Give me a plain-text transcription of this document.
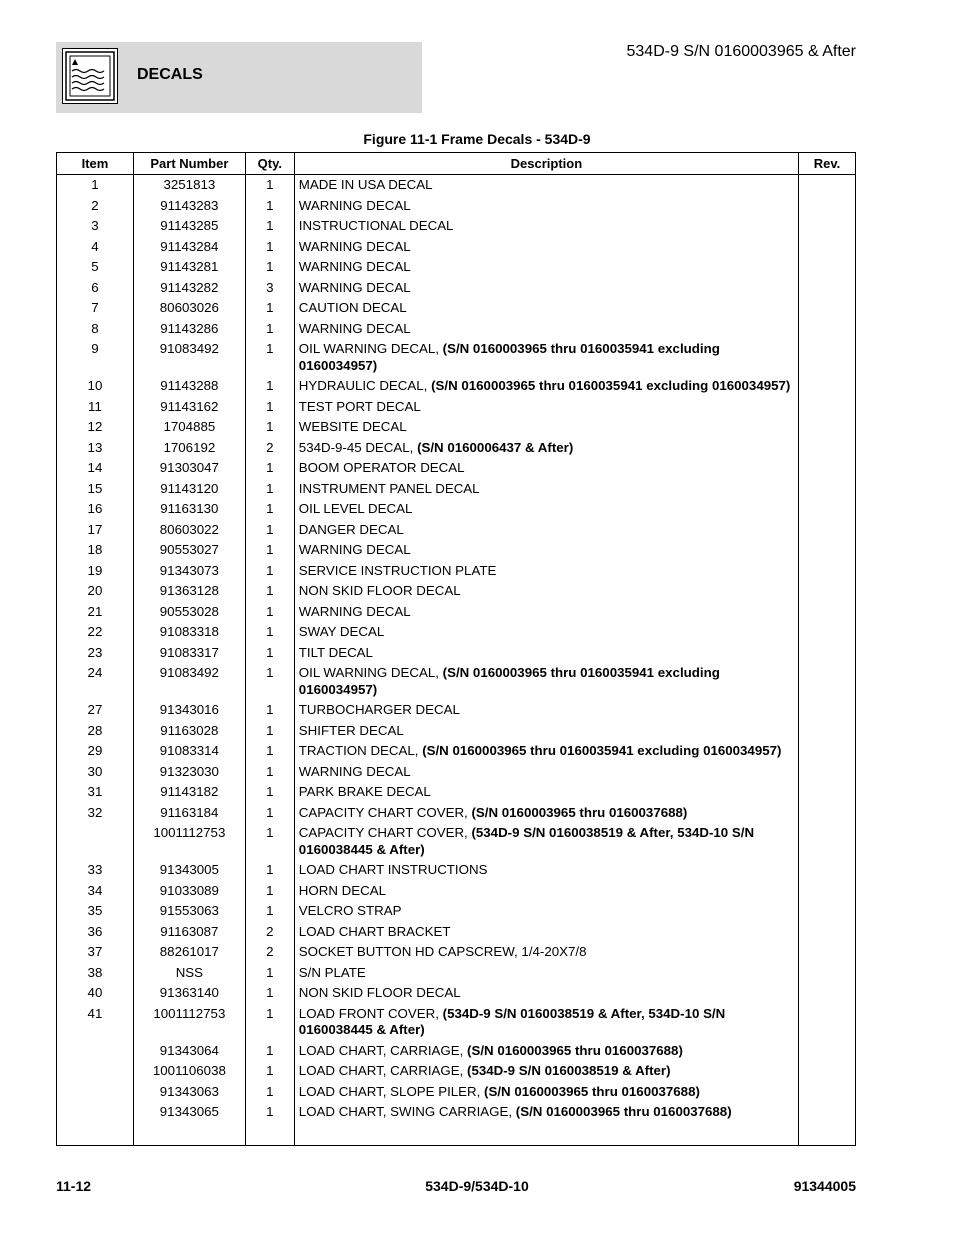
DECALS
534D-9 S/N 0160003965 & After
Figure 11-1 Frame Decals - 534D-9
Item	Part Number	Qty.	Description	Rev.
1	3251813	1	MADE IN USA DECAL	
2	91143283	1	WARNING DECAL	
3	91143285	1	INSTRUCTIONAL DECAL	
4	91143284	1	WARNING DECAL	
5	91143281	1	WARNING DECAL	
6	91143282	3	WARNING DECAL	
7	80603026	1	CAUTION DECAL	
8	91143286	1	WARNING DECAL	
9	91083492	1	OIL WARNING DECAL, (S/N 0160003965 thru 0160035941 excluding 0160034957)	
10	91143288	1	HYDRAULIC DECAL, (S/N 0160003965 thru 0160035941 excluding 0160034957)	
11	91143162	1	TEST PORT DECAL	
12	1704885	1	WEBSITE DECAL	
13	1706192	2	534D-9-45 DECAL, (S/N 0160006437 & After)	
14	91303047	1	BOOM OPERATOR DECAL	
15	91143120	1	INSTRUMENT PANEL DECAL	
16	91163130	1	OIL LEVEL DECAL	
17	80603022	1	DANGER DECAL	
18	90553027	1	WARNING DECAL	
19	91343073	1	SERVICE INSTRUCTION PLATE	
20	91363128	1	NON SKID FLOOR DECAL	
21	90553028	1	WARNING DECAL	
22	91083318	1	SWAY DECAL	
23	91083317	1	TILT DECAL	
24	91083492	1	OIL WARNING DECAL, (S/N 0160003965 thru 0160035941 excluding 0160034957)	
27	91343016	1	TURBOCHARGER DECAL	
28	91163028	1	SHIFTER DECAL	
29	91083314	1	TRACTION DECAL, (S/N 0160003965 thru 0160035941 excluding 0160034957)	
30	91323030	1	WARNING DECAL	
31	91143182	1	PARK BRAKE DECAL	
32	91163184	1	CAPACITY CHART COVER, (S/N 0160003965 thru 0160037688)	
	1001112753	1	CAPACITY CHART COVER, (534D-9 S/N 0160038519 & After, 534D-10 S/N 0160038445 & After)	
33	91343005	1	LOAD CHART INSTRUCTIONS	
34	91033089	1	HORN DECAL	
35	91553063	1	VELCRO STRAP	
36	91163087	2	LOAD CHART BRACKET	
37	88261017	2	SOCKET BUTTON HD CAPSCREW, 1/4-20X7/8	
38	NSS	1	S/N PLATE	
40	91363140	1	NON SKID FLOOR DECAL	
41	1001112753	1	LOAD FRONT COVER, (534D-9 S/N 0160038519 & After, 534D-10 S/N 0160038445 & After)	
	91343064	1	LOAD CHART, CARRIAGE, (S/N 0160003965 thru 0160037688)	
	1001106038	1	LOAD CHART, CARRIAGE, (534D-9 S/N 0160038519 & After)	
	91343063	1	LOAD CHART, SLOPE PILER, (S/N 0160003965 thru 0160037688)	
	91343065	1	LOAD CHART, SWING CARRIAGE, (S/N 0160003965 thru 0160037688)	

11-12	534D-9/534D-10	91344005
